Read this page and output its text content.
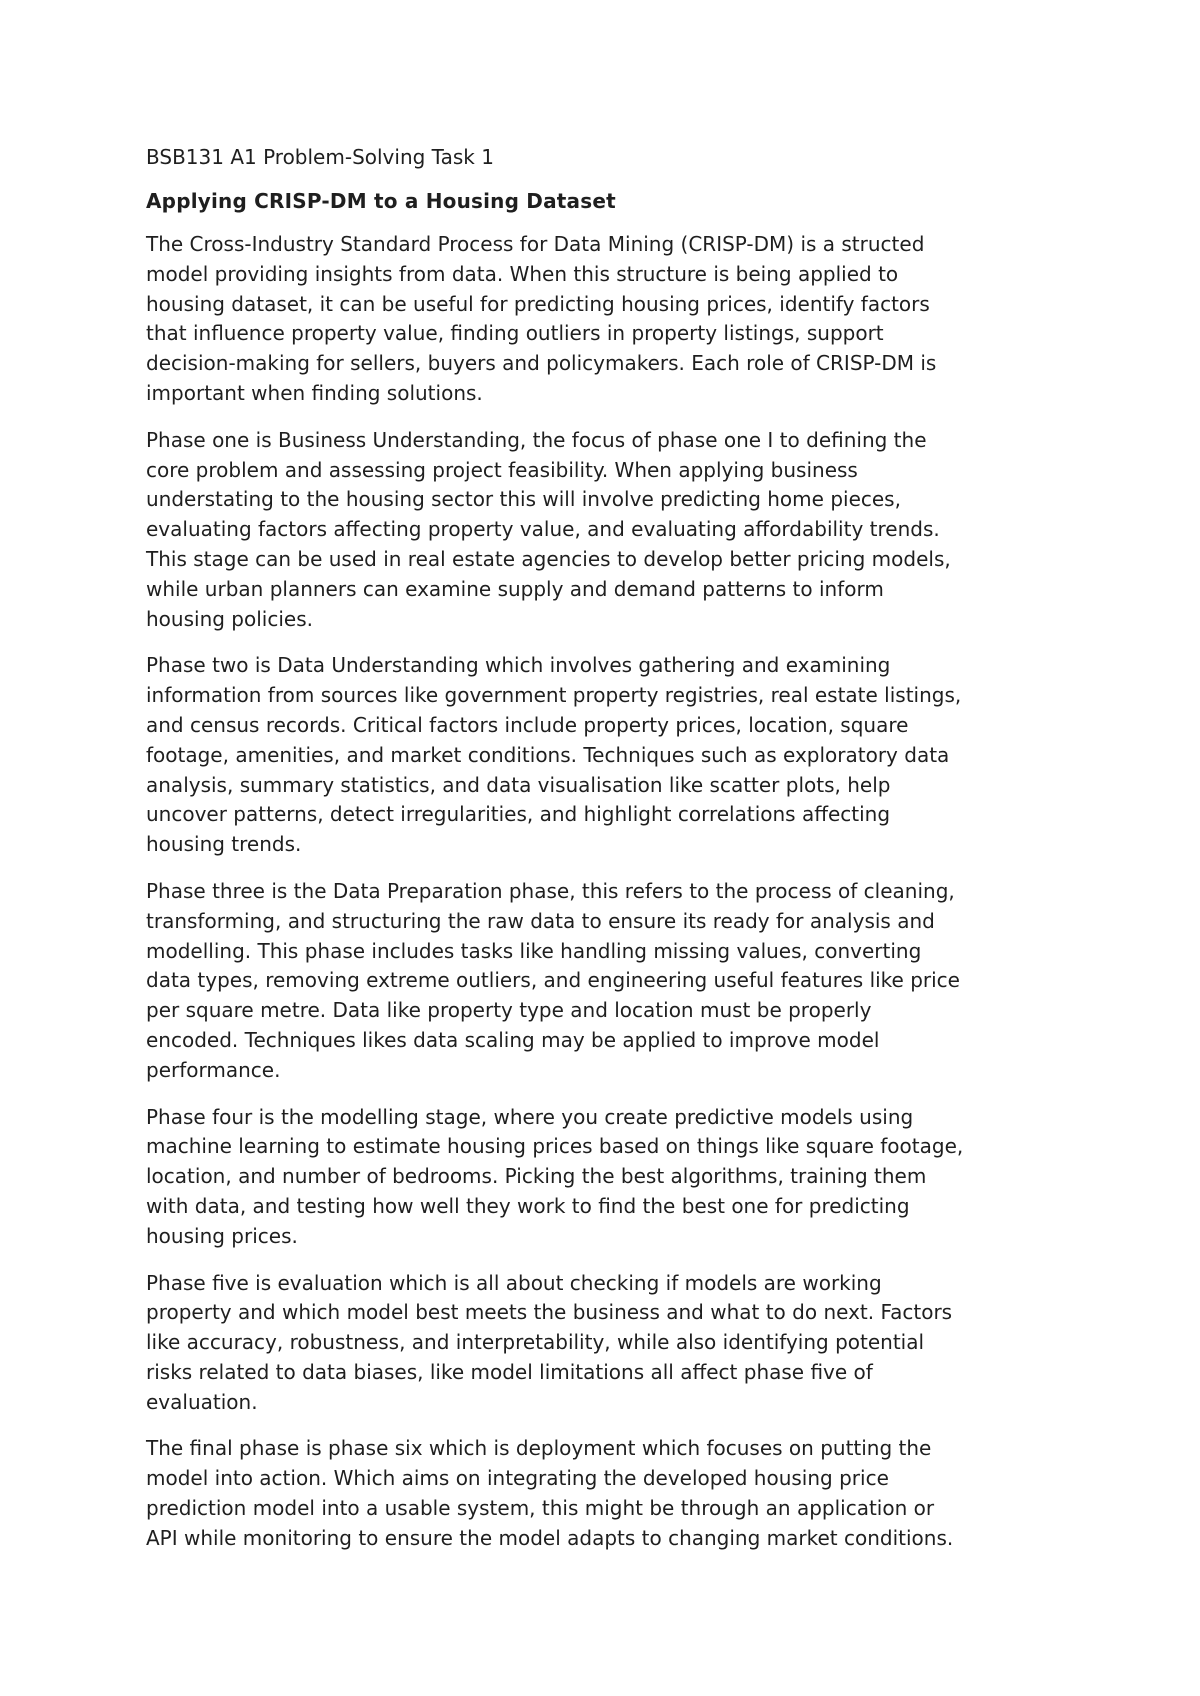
BSB131 A1 Problem-Solving Task 1
Applying CRISP-DM to a Housing Dataset
The Cross-Industry Standard Process for Data Mining (CRISP-DM) is a structed
model providing insights from data. When this structure is being applied to
housing dataset, it can be useful for predicting housing prices, identify factors
that influence property value, finding outliers in property listings, support
decision-making for sellers, buyers and policymakers. Each role of CRISP-DM is
important when finding solutions.
Phase one is Business Understanding, the focus of phase one I to defining the
core problem and assessing project feasibility. When applying business
understating to the housing sector this will involve predicting home pieces,
evaluating factors affecting property value, and evaluating affordability trends.
This stage can be used in real estate agencies to develop better pricing models,
while urban planners can examine supply and demand patterns to inform
housing policies.
Phase two is Data Understanding which involves gathering and examining
information from sources like government property registries, real estate listings,
and census records. Critical factors include property prices, location, square
footage, amenities, and market conditions. Techniques such as exploratory data
analysis, summary statistics, and data visualisation like scatter plots, help
uncover patterns, detect irregularities, and highlight correlations affecting
housing trends.
Phase three is the Data Preparation phase, this refers to the process of cleaning,
transforming, and structuring the raw data to ensure its ready for analysis and
modelling. This phase includes tasks like handling missing values, converting
data types, removing extreme outliers, and engineering useful features like price
per square metre. Data like property type and location must be properly
encoded. Techniques likes data scaling may be applied to improve model
performance.
Phase four is the modelling stage, where you create predictive models using
machine learning to estimate housing prices based on things like square footage,
location, and number of bedrooms. Picking the best algorithms, training them
with data, and testing how well they work to find the best one for predicting
housing prices.
Phase five is evaluation which is all about checking if models are working
property and which model best meets the business and what to do next. Factors
like accuracy, robustness, and interpretability, while also identifying potential
risks related to data biases, like model limitations all affect phase five of
evaluation.
The final phase is phase six which is deployment which focuses on putting the
model into action. Which aims on integrating the developed housing price
prediction model into a usable system, this might be through an application or
API while monitoring to ensure the model adapts to changing market conditions.
